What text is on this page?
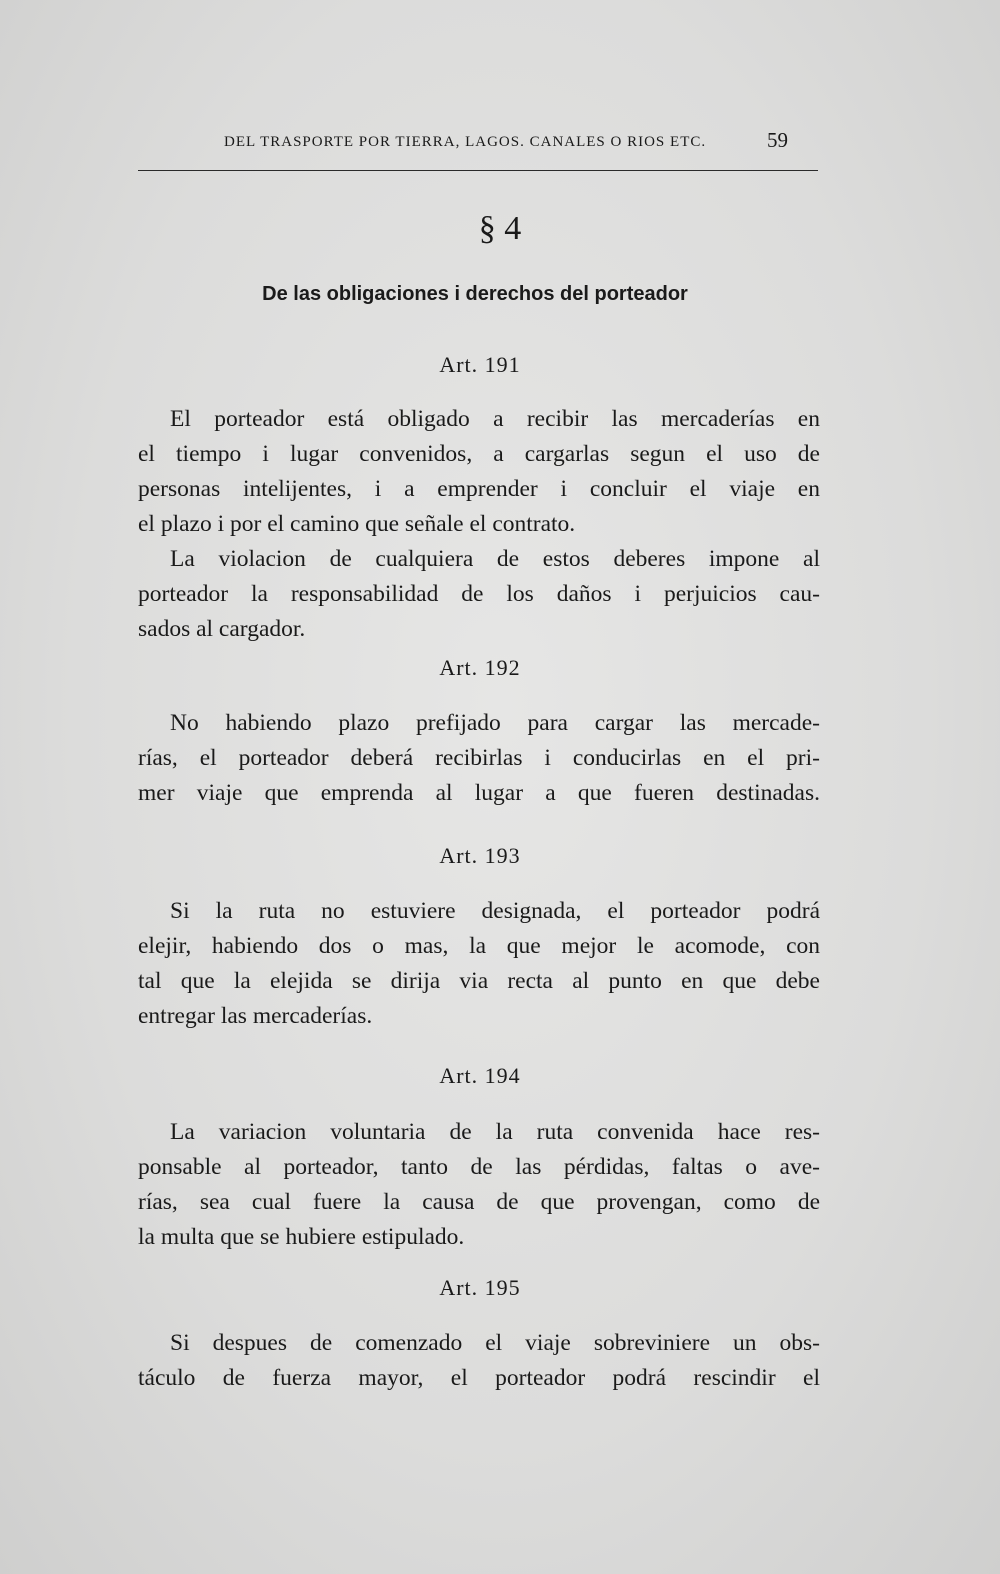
DEL TRASPORTE POR TIERRA, LAGOS. CANALES O RIOS ETC.	59
§ 4
De las obligaciones i derechos del porteador
Art. 191

El porteador está obligado a recibir las mercaderías en
el tiempo i lugar convenidos, a cargarlas segun el uso de
personas intelijentes, i a emprender i concluir el viaje en
el plazo i por el camino que señale el contrato.

La violacion de cualquiera de estos deberes impone al
porteador la responsabilidad de los daños i perjuicios cau-
sados al cargador.

Art. 192

No habiendo plazo prefijado para cargar las mercade-
rías, el porteador deberá recibirlas i conducirlas en el pri-
mer viaje que emprenda al lugar a que fueren destinadas.

Art. 193

Si la ruta no estuviere designada, el porteador podrá
elejir, habiendo dos o mas, la que mejor le acomode, con
tal que la elejida se dirija via recta al punto en que debe
entregar las mercaderías.

Art. 194

La variacion voluntaria de la ruta convenida hace res-
ponsable al porteador, tanto de las pérdidas, faltas o ave-
rías, sea cual fuere la causa de que provengan, como de
la multa que se hubiere estipulado.

Art. 195

Si despues de comenzado el viaje sobreviniere un obs-
táculo de fuerza mayor, el porteador podrá rescindir el
